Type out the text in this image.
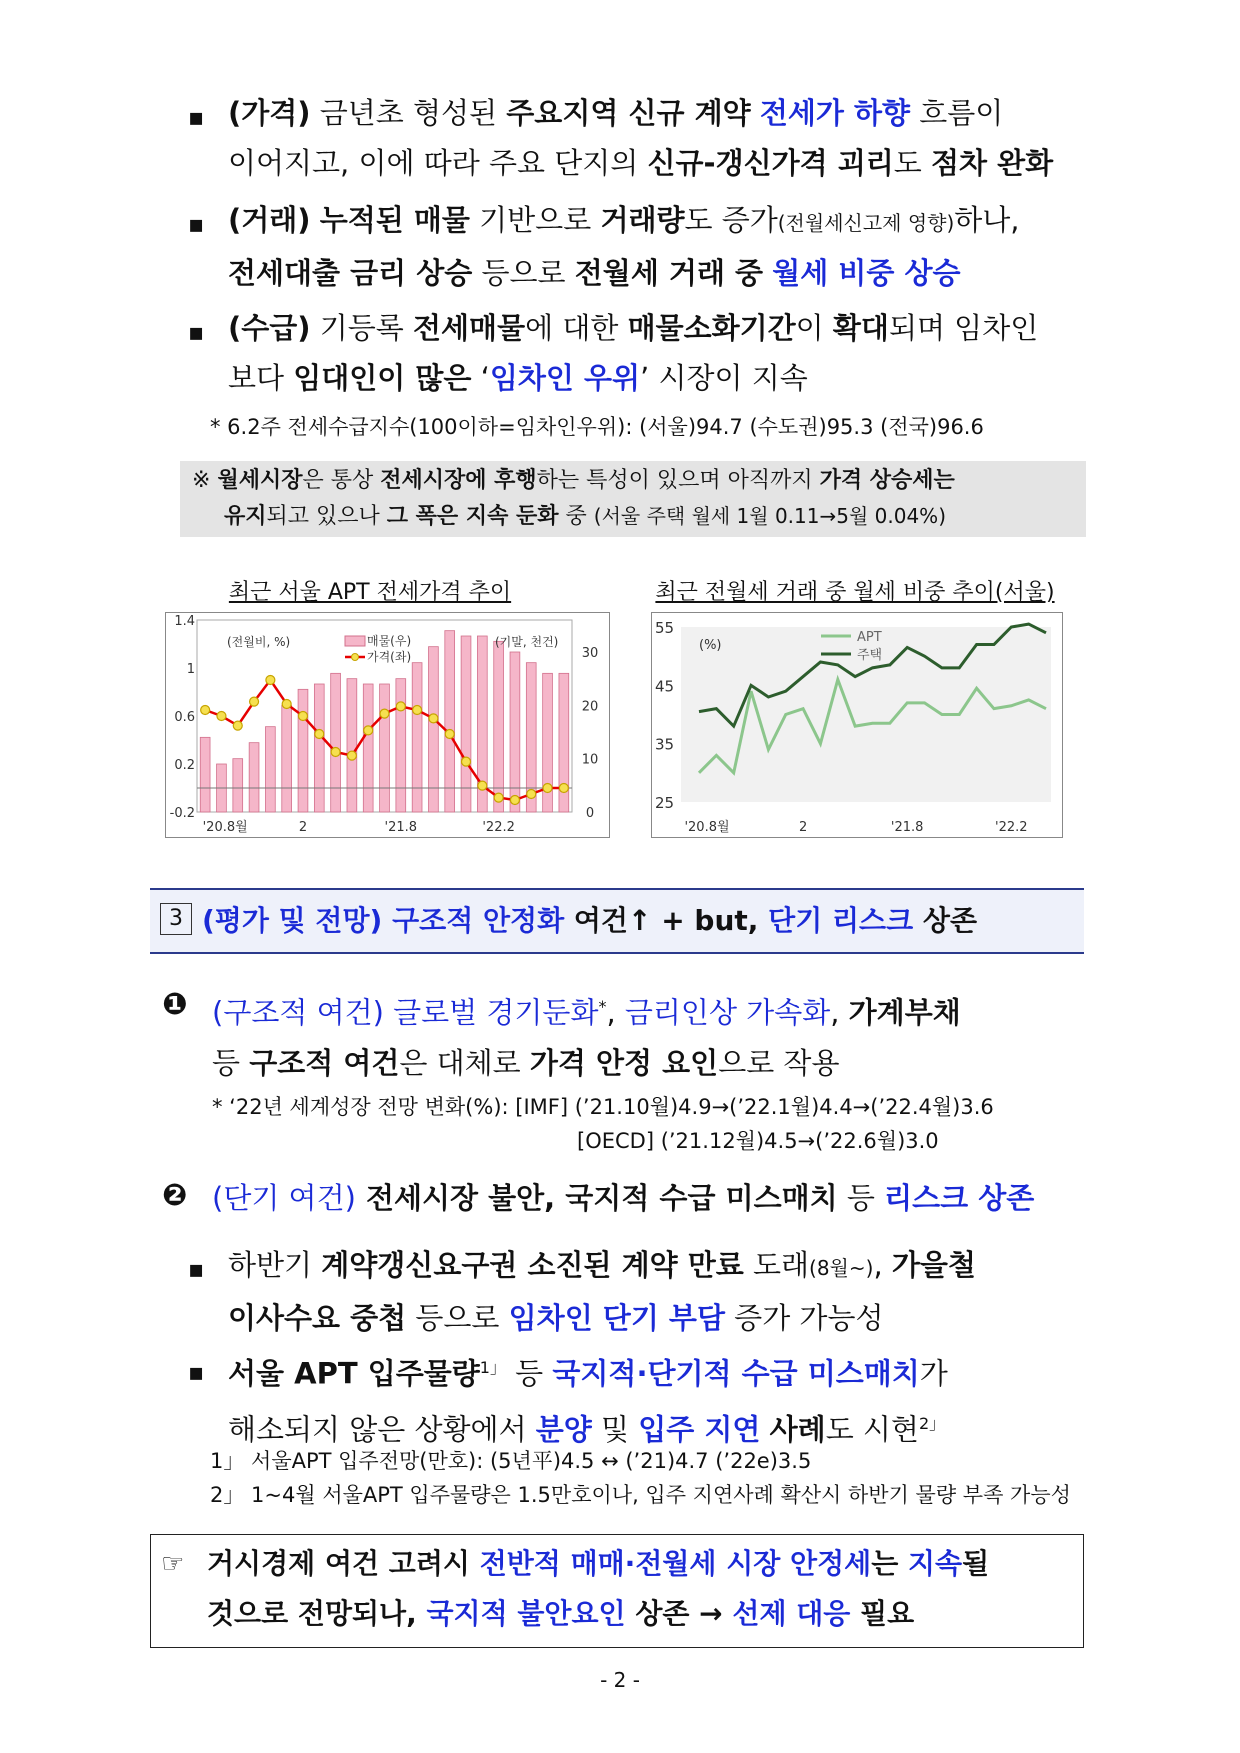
▪ (가격) 금년초 형성된 주요지역 신규 계약 전세가 하향 흐름이
이어지고, 이에 따라 주요 단지의 신규-갱신가격 괴리도 점차 완화
▪ (거래) 누적된 매물 기반으로 거래량도 증가(전월세신고제 영향)하나,
전세대출 금리 상승 등으로 전월세 거래 중 월세 비중 상승
▪ (수급) 기등록 전세매물에 대한 매물소화기간이 확대되며 임차인
보다 임대인이 많은 ‘임차인 우위’ 시장이 지속
* 6.2주 전세수급지수(100이하=임차인우위): (서울)94.7 (수도권)95.3 (전국)96.6
※ 월세시장은 통상 전세시장에 후행하는 특성이 있으며 아직까지 가격 상승세는
유지되고 있으나 그 폭은 지속 둔화 중 (서울 주택 월세 1월 0.11→5월 0.04%)
최근 서울 APT 전세가격 추이	최근 전월세 거래 중 월세 비중 추이(서울)
1.4
1
0.6
0.2
-0.2
30
20
10
0
'20.8월	2	'21.8	'22.2
(전월비, %)	(기말, 천건)
매물(우)
가격(좌)
55
45
35
25
'20.8월	2	'21.8	'22.2
(%)
APT
주택
3 (평가 및 전망) 구조적 안정화 여건↑ + but, 단기 리스크 상존
❶ (구조적 여건) 글로벌 경기둔화*, 금리인상 가속화, 가계부채
등 구조적 여건은 대체로 가격 안정 요인으로 작용
* ‘22년 세계성장 전망 변화(%): [IMF] (’21.10월)4.9→(’22.1월)4.4→(’22.4월)3.6
[OECD] (’21.12월)4.5→(’22.6월)3.0
❷ (단기 여건) 전세시장 불안, 국지적 수급 미스매치 등 리스크 상존
▪ 하반기 계약갱신요구권 소진된 계약 만료 도래(8월~), 가을철
이사수요 중첩 등으로 임차인 단기 부담 증가 가능성
▪ 서울 APT 입주물량$^{1」}$ 등 국지적·단기적 수급 미스매치가
해소되지 않은 상황에서 분양 및 입주 지연 사례도 시현$^{2」}$
1」 서울APT 입주전망(만호): (5년平)4.5 ↔ (’21)4.7 (’22e)3.5
2」 1~4월 서울APT 입주물량은 1.5만호이나, 입주 지연사례 확산시 하반기 물량 부족 가능성
☞ 거시경제 여건 고려시 전반적 매매·전월세 시장 안정세는 지속될
것으로 전망되나, 국지적 불안요인 상존 → 선제 대응 필요
- 2 -
